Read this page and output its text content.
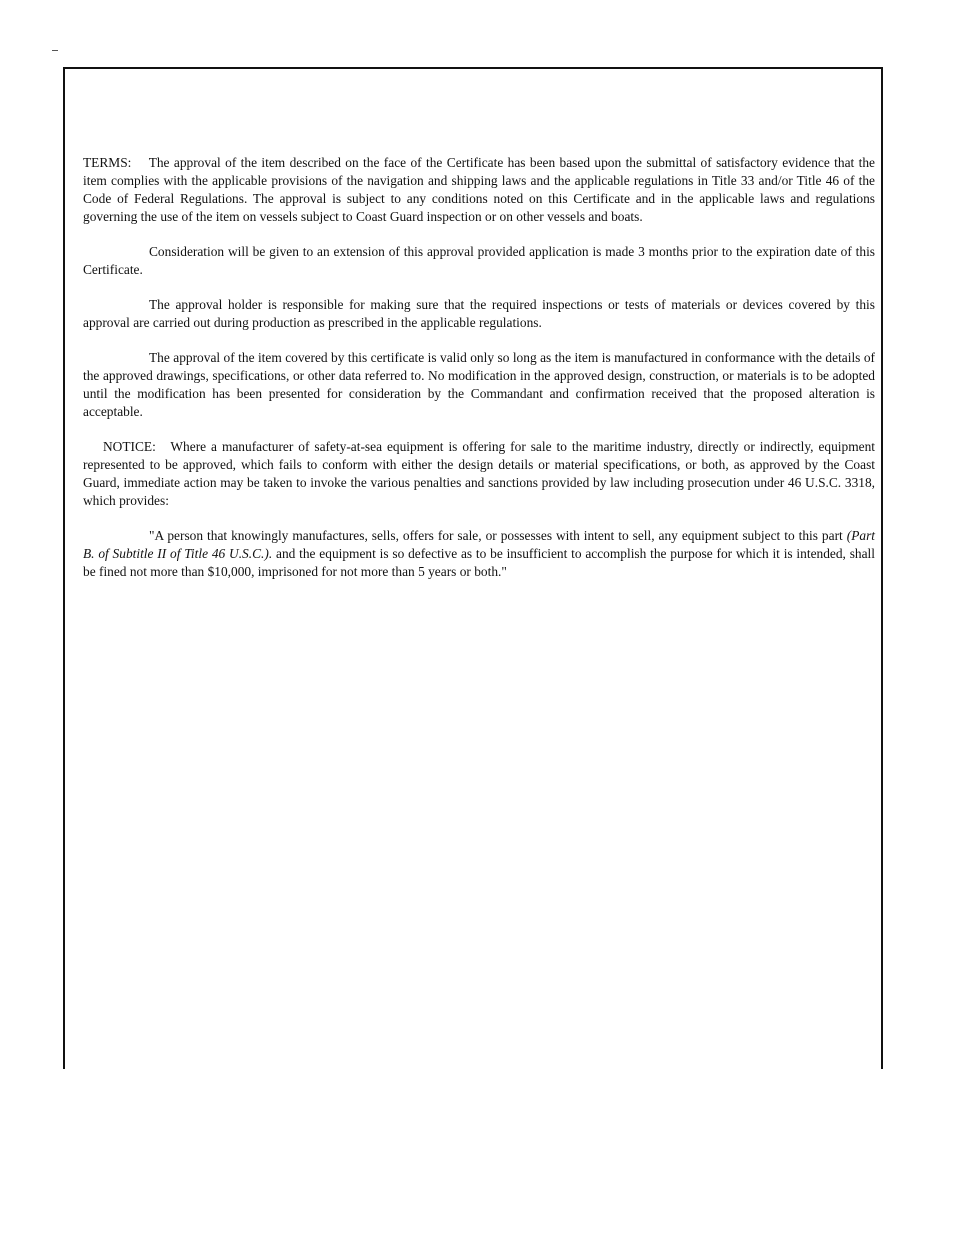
TERMS: The approval of the item described on the face of the Certificate has been based upon the submittal of satisfactory evidence that the item complies with the applicable provisions of the navigation and shipping laws and the applicable regulations in Title 33 and/or Title 46 of the Code of Federal Regulations. The approval is subject to any conditions noted on this Certificate and in the applicable laws and regulations governing the use of the item on vessels subject to Coast Guard inspection or on other vessels and boats.

Consideration will be given to an extension of this approval provided application is made 3 months prior to the expiration date of this Certificate.

The approval holder is responsible for making sure that the required inspections or tests of materials or devices covered by this approval are carried out during production as prescribed in the applicable regulations.

The approval of the item covered by this certificate is valid only so long as the item is manufactured in conformance with the details of the approved drawings, specifications, or other data referred to. No modification in the approved design, construction, or materials is to be adopted until the modification has been presented for consideration by the Commandant and confirmation received that the proposed alteration is acceptable.

NOTICE: Where a manufacturer of safety-at-sea equipment is offering for sale to the maritime industry, directly or indirectly, equipment represented to be approved, which fails to conform with either the design details or material specifications, or both, as approved by the Coast Guard, immediate action may be taken to invoke the various penalties and sanctions provided by law including prosecution under 46 U.S.C. 3318, which provides:

"A person that knowingly manufactures, sells, offers for sale, or possesses with intent to sell, any equipment subject to this part (Part B. of Subtitle II of Title 46 U.S.C.). and the equipment is so defective as to be insufficient to accomplish the purpose for which it is intended, shall be fined not more than $10,000, imprisoned for not more than 5 years or both."
